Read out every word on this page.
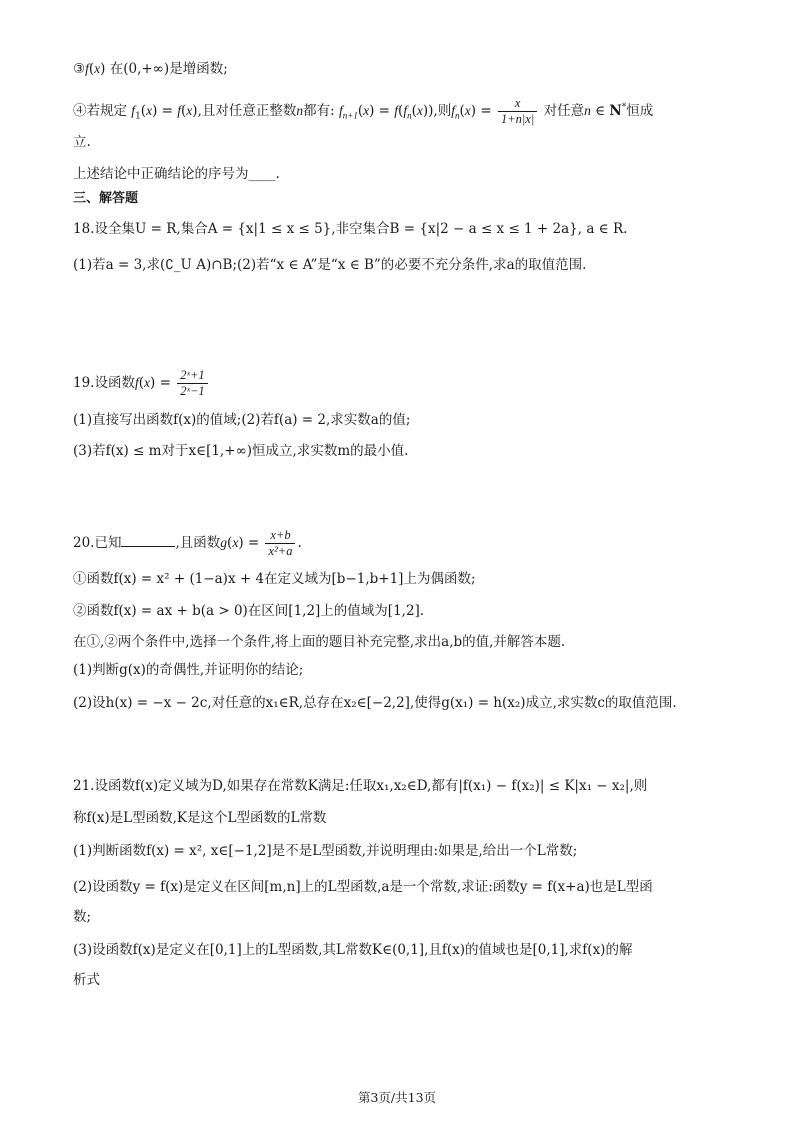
③f(x) 在(0,+∞)是增函数;
④若规定 $f_1(x) = f(x)$,且对任意正整数n都有: $f_{n+1}(x) = f(f_n(x))$,则$f_n(x) = \frac{x}{1+n|x|}$ 对任意n ∈ N*恒成
立.
上述结论中正确结论的序号为____.
三、解答题
18.设全集U = R,集合A = {x|1 ≤ x ≤ 5},非空集合B = {x|2 − a ≤ x ≤ 1 + 2a}, a ∈ R.
(1)若a = 3,求(∁_U A)∩B;(2)若“x ∈ A”是“x ∈ B”的必要不充分条件,求a的取值范围.
19.设函数$f(x) = \frac{\text{2ˣ+1}}{\text{2ˣ−1}}$
(1)直接写出函数f(x)的值域;(2)若f(a) = 2,求实数a的值;
(3)若f(x) ≤ m对于x∈[1,+∞)恒成立,求实数m的最小值.
20.已知	,且函数$g(x) = \frac{x+b}{\text{x²+a}}$ .
①函数f(x) = x² + (1−a)x + 4在定义域为[b−1,b+1]上为偶函数;
②函数f(x) = ax + b(a > 0)在区间[1,2]上的值域为[1,2].
在①,②两个条件中,选择一个条件,将上面的题目补充完整,求出a,b的值,并解答本题.
(1)判断g(x)的奇偶性,并证明你的结论;
(2)设h(x) = −x − 2c,对任意的x₁∈R,总存在x₂∈[−2,2],使得g(x₁) = h(x₂)成立,求实数c的取值范围.
21.设函数f(x)定义域为D,如果存在常数K满足:任取x₁,x₂∈D,都有|f(x₁) − f(x₂)| ≤ K|x₁ − x₂|,则
称f(x)是L型函数,K是这个L型函数的L常数
(1)判断函数f(x) = x², x∈[−1,2]是不是L型函数,并说明理由:如果是,给出一个L常数;
(2)设函数y = f(x)是定义在区间[m,n]上的L型函数,a是一个常数,求证:函数y = f(x+a)也是L型函
数;
(3)设函数f(x)是定义在[0,1]上的L型函数,其L常数K∈(0,1],且f(x)的值域也是[0,1],求f(x)的解
析式
第3页/共13页
